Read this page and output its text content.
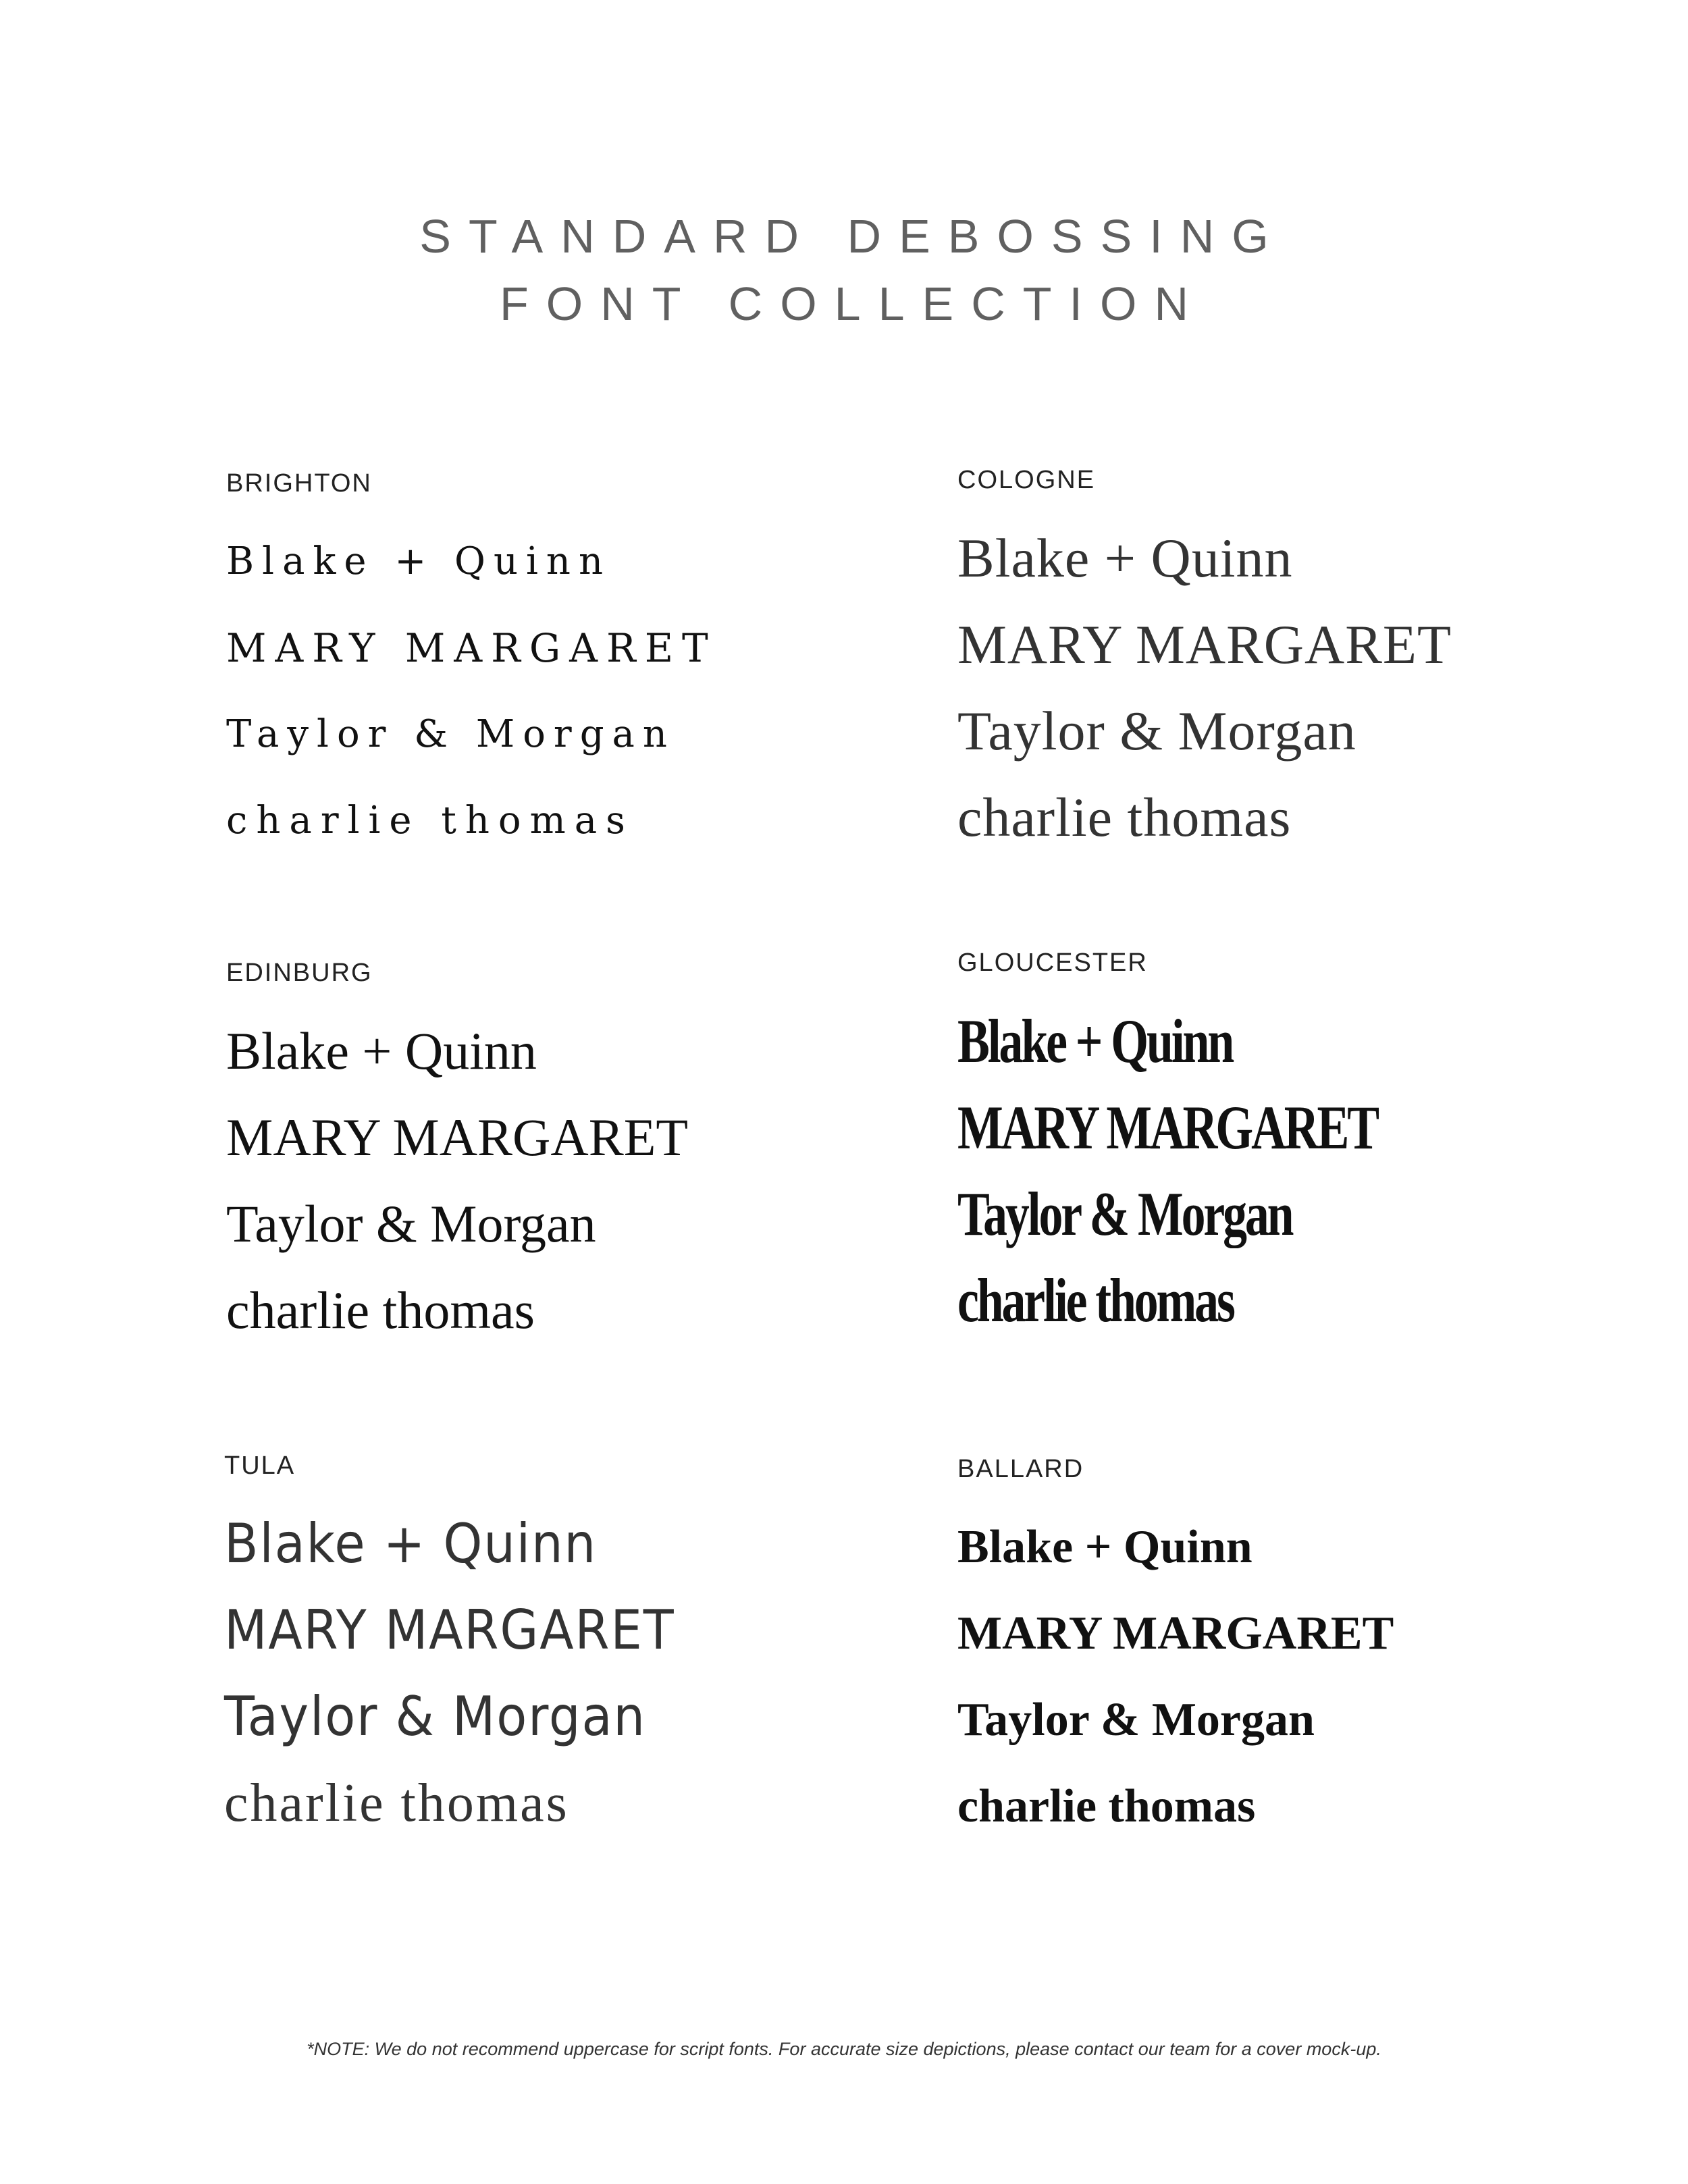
STANDARD DEBOSSING
FONT COLLECTION
BRIGHTON
Blake + Quinn
MARY MARGARET
Taylor & Morgan
charlie thomas
COLOGNE
Blake + Quinn
MARY MARGARET
Taylor & Morgan
charlie thomas
EDINBURG
Blake + Quinn
MARY MARGARET
Taylor & Morgan
charlie thomas
GLOUCESTER
Blake + Quinn
MARY MARGARET
Taylor & Morgan
charlie thomas
TULA
Blake + Quinn
MARY MARGARET
Taylor & Morgan
charlie thomas
BALLARD
Blake + Quinn
MARY MARGARET
Taylor & Morgan
charlie thomas
*NOTE: We do not recommend uppercase for script fonts. For accurate size depictions, please contact our team for a cover mock-up.
